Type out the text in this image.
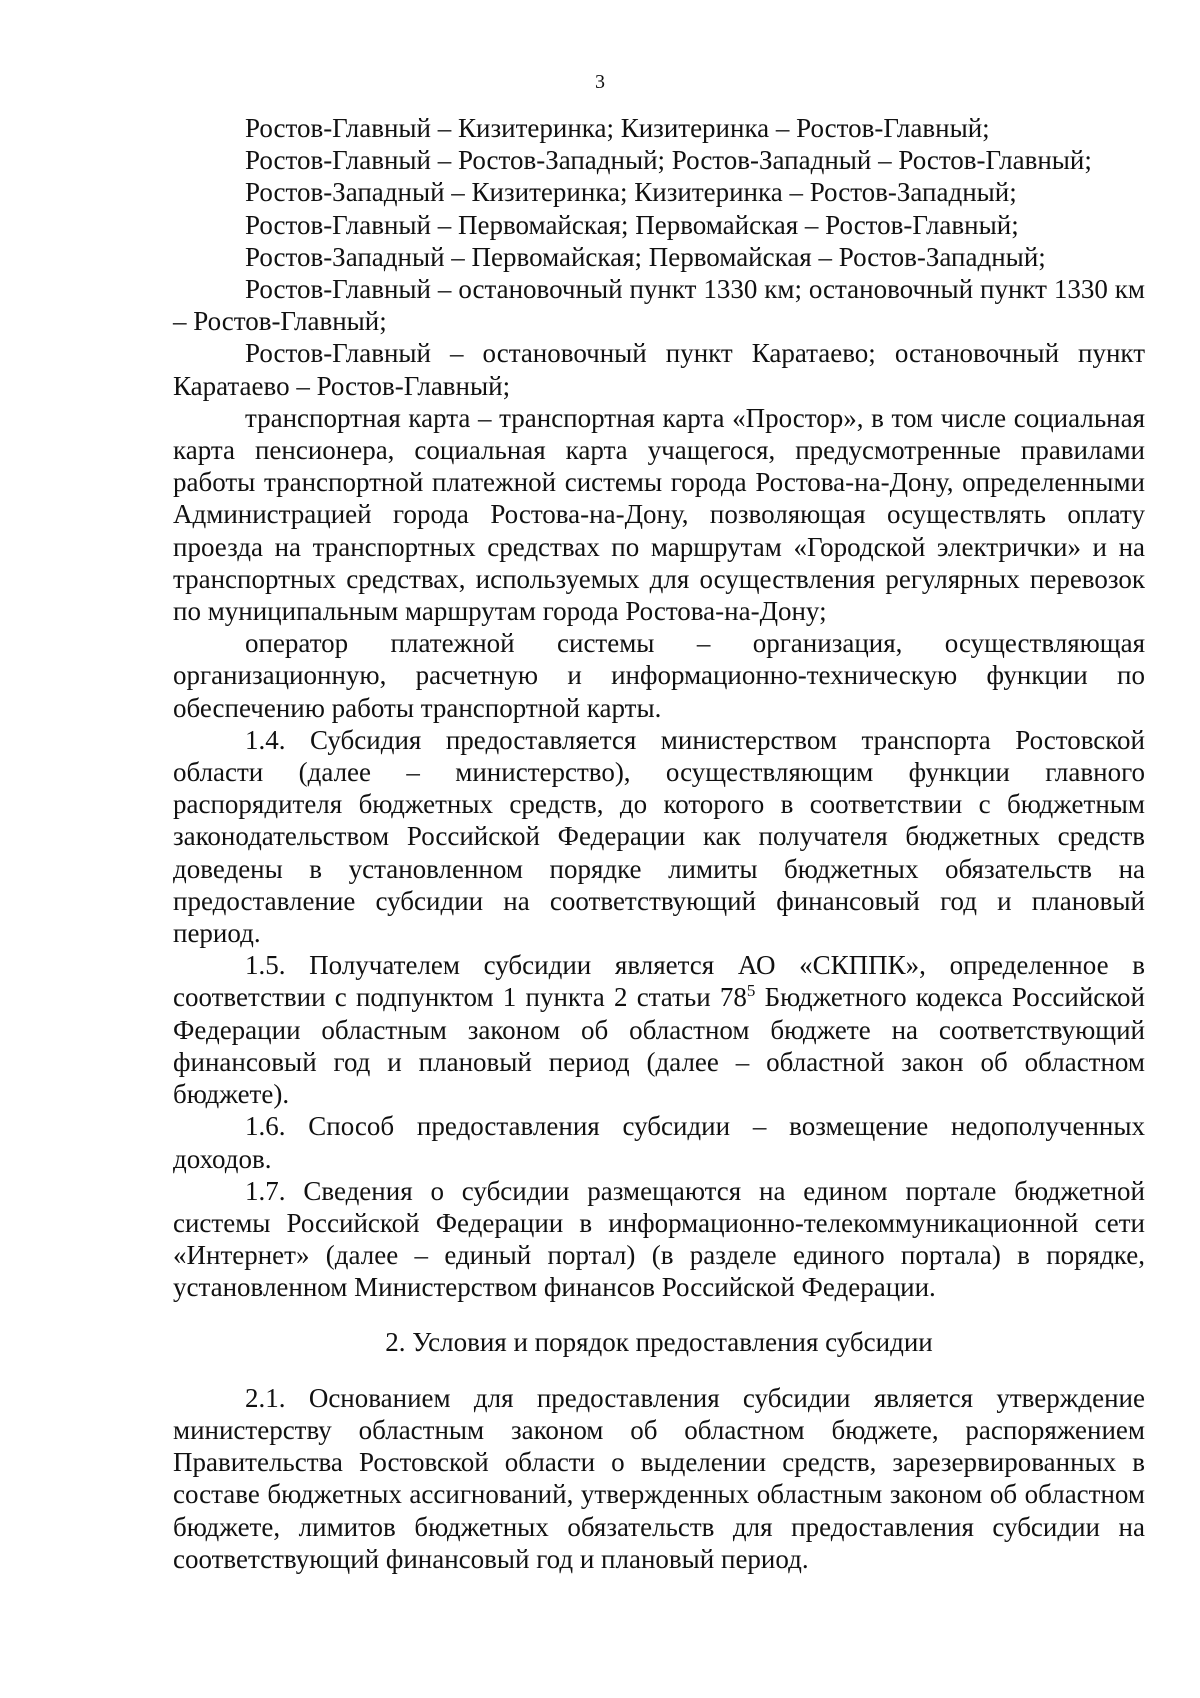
3

Ростов-Главный – Кизитеринка; Кизитеринка – Ростов-Главный;

Ростов-Главный – Ростов-Западный; Ростов-Западный – Ростов-Главный;

Ростов-Западный – Кизитеринка; Кизитеринка – Ростов-Западный;

Ростов-Главный – Первомайская; Первомайская – Ростов-Главный;

Ростов-Западный – Первомайская; Первомайская – Ростов-Западный;

Ростов-Главный – остановочный пункт 1330 км; остановочный пункт 1330 км – Ростов-Главный;

Ростов-Главный – остановочный пункт Каратаево; остановочный пункт Каратаево – Ростов-Главный;

транспортная карта – транспортная карта «Простор», в том числе социальная карта пенсионера, социальная карта учащегося, предусмотренные правилами работы транспортной платежной системы города Ростова-на-Дону, определенными Администрацией города Ростова-на-Дону, позволяющая осуществлять оплату проезда на транспортных средствах по маршрутам «Городской электрички» и на транспортных средствах, используемых для осуществления регулярных перевозок по муниципальным маршрутам города Ростова-на-Дону;

оператор платежной системы – организация, осуществляющая организационную, расчетную и информационно-техническую функции по обеспечению работы транспортной карты.

1.4. Субсидия предоставляется министерством транспорта Ростовской области (далее – министерство), осуществляющим функции главного распорядителя бюджетных средств, до которого в соответствии с бюджетным законодательством Российской Федерации как получателя бюджетных средств доведены в установленном порядке лимиты бюджетных обязательств на предоставление субсидии на соответствующий финансовый год и плановый период.

1.5. Получателем субсидии является АО «СКППК», определенное в соответствии с подпунктом 1 пункта 2 статьи $78^5$ Бюджетного кодекса Российской Федерации областным законом об областном бюджете на соответствующий финансовый год и плановый период (далее – областной закон об областном бюджете).

1.6. Способ предоставления субсидии – возмещение недополученных доходов.

1.7. Сведения о субсидии размещаются на едином портале бюджетной системы Российской Федерации в информационно-телекоммуникационной сети «Интернет» (далее – единый портал) (в разделе единого портала) в порядке, установленном Министерством финансов Российской Федерации.

2. Условия и порядок предоставления субсидии

2.1. Основанием для предоставления субсидии является утверждение министерству областным законом об областном бюджете, распоряжением Правительства Ростовской области о выделении средств, зарезервированных в составе бюджетных ассигнований, утвержденных областным законом об областном бюджете, лимитов бюджетных обязательств для предоставления субсидии на соответствующий финансовый год и плановый период.
